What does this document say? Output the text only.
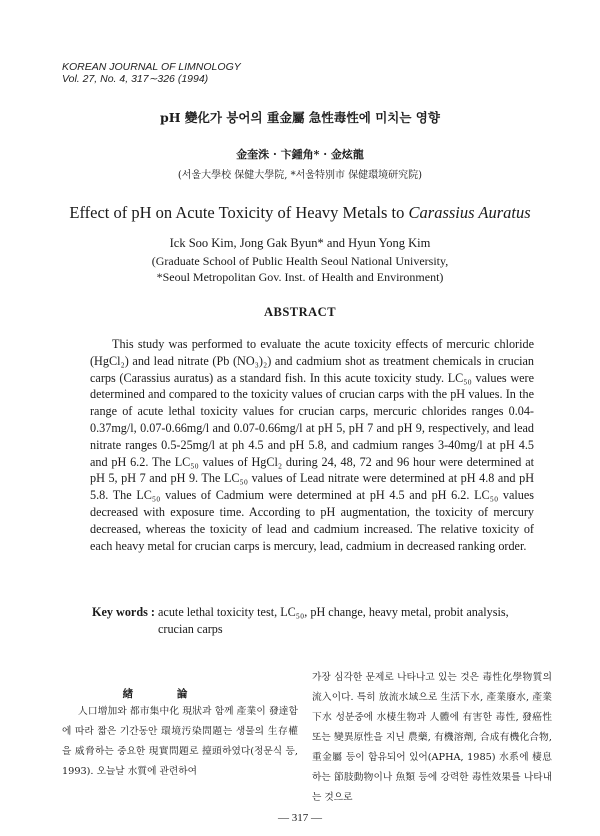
KOREAN JOURNAL OF LIMNOLOGY
Vol. 27, No. 4, 317∼326 (1994)
pH 變化가 붕어의 重金屬 急性毒性에 미치는 영향
金奎洙 · 卞鍾角* · 金炫龍
(서울大學校 保健大學院, *서울特別市 保健環境研究院)
Effect of pH on Acute Toxicity of Heavy Metals to Carassius Auratus
Ick Soo Kim, Jong Gak Byun* and Hyun Yong Kim
(Graduate School of Public Health Seoul National University,
*Seoul Metropolitan Gov. Inst. of Health and Environment)
ABSTRACT

This study was performed to evaluate the acute toxicity effects of mercuric chloride (HgCl₂) and lead nitrate (Pb (NO₃)₂) and cadmium shot as treatment chemicals in crucian carps (Carassius auratus) as a standard fish. In this acute toxicity study. LC₅₀ values were determined and compared to the toxicity values of crucian carps with the pH values. In the range of acute lethal toxicity values for crucian carps, mercuric chlorides ranges 0.04-0.37mg/l, 0.07-0.66mg/l and 0.07-0.66mg/l at pH 5, pH 7 and pH 9, respectively, and lead nitrate ranges 0.5-25mg/l at ph 4.5 and pH 5.8, and cadmium ranges 3-40mg/l at pH 4.5 and pH 6.2. The LC₅₀ values of HgCl₂ during 24, 48, 72 and 96 hour were determined at pH 5, pH 7 and pH 9. The LC₅₀ values of Lead nitrate were determined at pH 4.8 and pH 5.8. The LC₅₀ values of Cadmium were determined at pH 4.5 and pH 6.2. LC₅₀ values decreased with exposure time. According to pH augmentation, the toxicity of mercury decreased, whereas the toxicity of lead and cadmium increased. The relative toxicity of each heavy metal for crucian carps is mercury, lead, cadmium in decreased ranking order.

Key words : acute lethal toxicity test, LC₅₀, pH change, heavy metal, probit analysis,
crucian carps
緖 論

人口增加와 都市集中化 現狀과 함께 產業이 發達함에 따라 짧은 기간동안 環境汚染問題는 생물의 生存權을 威脅하는 중요한 現實問題로 擡頭하였다(정문식 등, 1993). 오늘날 水質에 관련하여

가장 심각한 문제로 나타나고 있는 것은 毒性化學物質의 流入이다. 특히 放流水域으로 生活下水, 產業廢水, 產業下水 성분중에 水棲生物과 人體에 有害한 毒性, 發癌性 또는 變異原性을 지닌 農藥, 有機溶劑, 合成有機化合物, 重金屬 등이 함유되어 있어(APHA, 1985) 水系에 棲息하는 節肢動物이나 魚類 등에 강력한 毒性效果를 나타내는 것으로

— 317 —
